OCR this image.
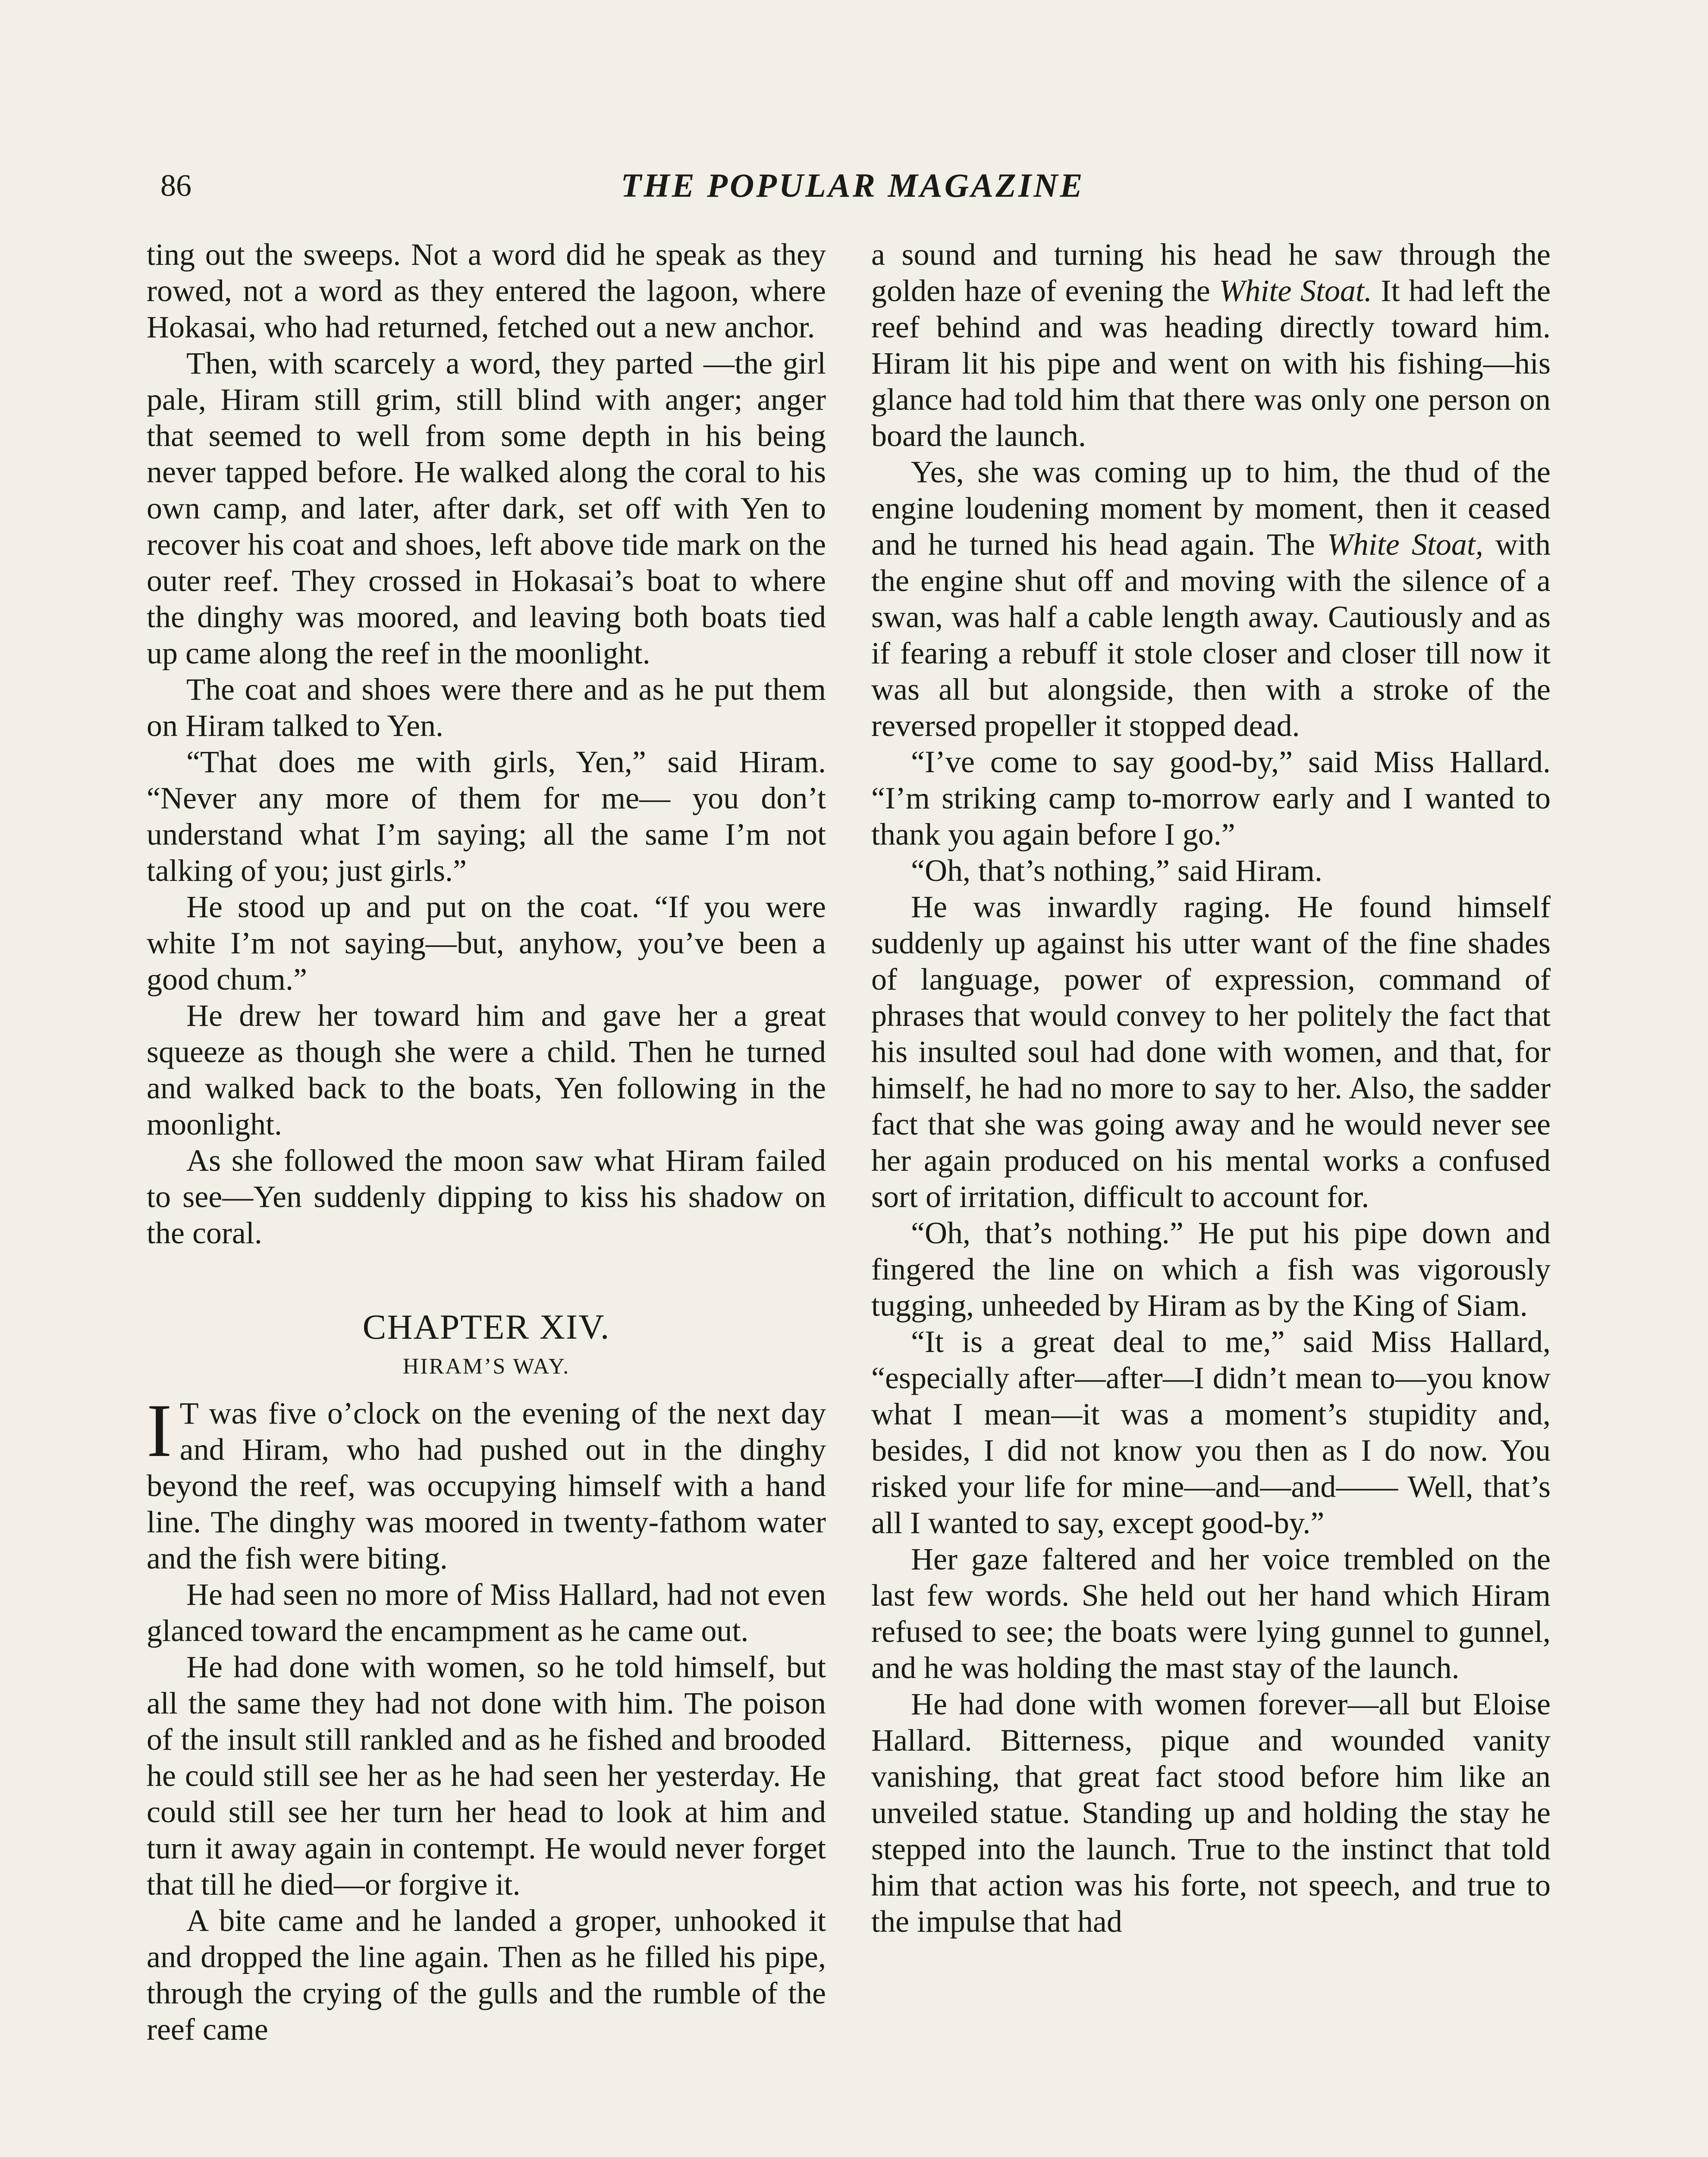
86	THE POPULAR MAGAZINE

ting out the sweeps. Not a word did he speak as they rowed, not a word as they entered the lagoon, where Hokasai, who had returned, fetched out a new anchor.

Then, with scarcely a word, they parted —the girl pale, Hiram still grim, still blind with anger; anger that seemed to well from some depth in his being never tapped before. He walked along the coral to his own camp, and later, after dark, set off with Yen to recover his coat and shoes, left above tide mark on the outer reef. They crossed in Hokasai’s boat to where the dinghy was moored, and leaving both boats tied up came along the reef in the moonlight.

The coat and shoes were there and as he put them on Hiram talked to Yen.

“That does me with girls, Yen,” said Hiram. “Never any more of them for me— you don’t understand what I’m saying; all the same I’m not talking of you; just girls.”

He stood up and put on the coat. “If you were white I’m not saying—but, anyhow, you’ve been a good chum.”

He drew her toward him and gave her a great squeeze as though she were a child. Then he turned and walked back to the boats, Yen following in the moonlight.

As she followed the moon saw what Hiram failed to see—Yen suddenly dipping to kiss his shadow on the coral.

CHAPTER XIV.
HIRAM’S WAY.

I T was five o’clock on the evening of the next day and Hiram, who had pushed out in the dinghy beyond the reef, was occupying himself with a hand line. The dinghy was moored in twenty-fathom water and the fish were biting.

He had seen no more of Miss Hallard, had not even glanced toward the encampment as he came out.

He had done with women, so he told himself, but all the same they had not done with him. The poison of the insult still rankled and as he fished and brooded he could still see her as he had seen her yesterday. He could still see her turn her head to look at him and turn it away again in contempt. He would never forget that till he died—or forgive it.

A bite came and he landed a groper, unhooked it and dropped the line again. Then as he filled his pipe, through the crying of the gulls and the rumble of the reef came

a sound and turning his head he saw through the golden haze of evening the White Stoat. It had left the reef behind and was heading directly toward him. Hiram lit his pipe and went on with his fishing—his glance had told him that there was only one person on board the launch.

Yes, she was coming up to him, the thud of the engine loudening moment by moment, then it ceased and he turned his head again. The White Stoat, with the engine shut off and moving with the silence of a swan, was half a cable length away. Cautiously and as if fearing a rebuff it stole closer and closer till now it was all but alongside, then with a stroke of the reversed propeller it stopped dead.

“I’ve come to say good-by,” said Miss Hallard. “I’m striking camp to-morrow early and I wanted to thank you again before I go.”

“Oh, that’s nothing,” said Hiram.

He was inwardly raging. He found himself suddenly up against his utter want of the fine shades of language, power of expression, command of phrases that would convey to her politely the fact that his insulted soul had done with women, and that, for himself, he had no more to say to her. Also, the sadder fact that she was going away and he would never see her again produced on his mental works a confused sort of irritation, difficult to account for.

“Oh, that’s nothing.” He put his pipe down and fingered the line on which a fish was vigorously tugging, unheeded by Hiram as by the King of Siam.

“It is a great deal to me,” said Miss Hallard, “especially after—after—I didn’t mean to—you know what I mean—it was a moment’s stupidity and, besides, I did not know you then as I do now. You risked your life for mine—and—and—— Well, that’s all I wanted to say, except good-by.”

Her gaze faltered and her voice trembled on the last few words. She held out her hand which Hiram refused to see; the boats were lying gunnel to gunnel, and he was holding the mast stay of the launch.

He had done with women forever—all but Eloise Hallard. Bitterness, pique and wounded vanity vanishing, that great fact stood before him like an unveiled statue. Standing up and holding the stay he stepped into the launch. True to the instinct that told him that action was his forte, not speech, and true to the impulse that had
